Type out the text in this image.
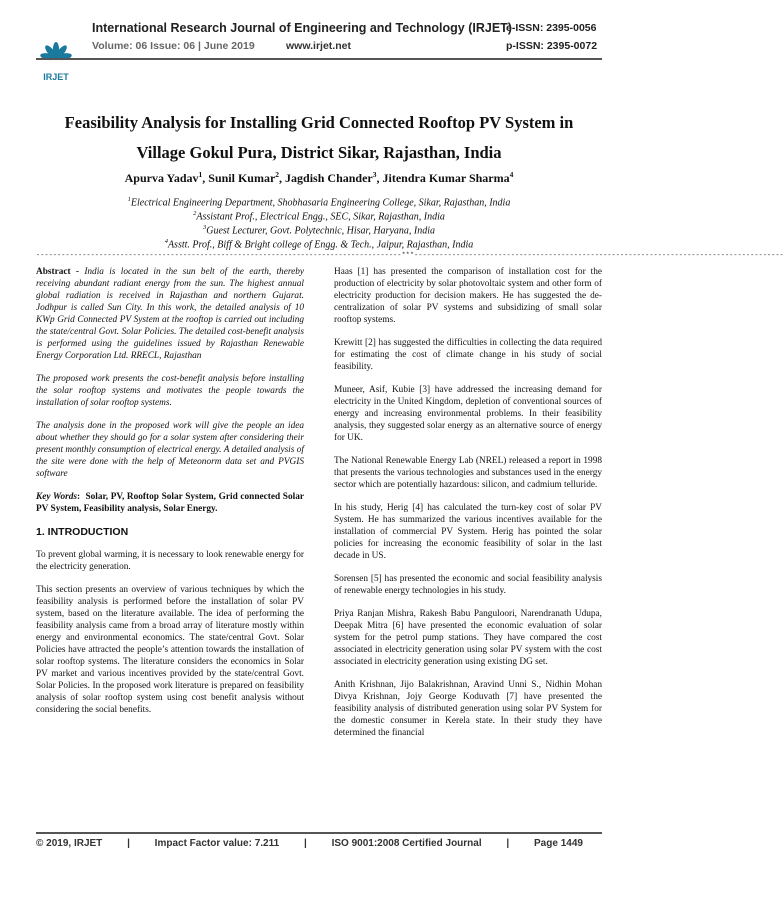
IRJET
International Research Journal of Engineering and Technology (IRJET)
Volume: 06 Issue: 06 | June 2019	www.irjet.net
e-ISSN: 2395-0056
p-ISSN: 2395-0072
Feasibility Analysis for Installing Grid Connected Rooftop PV System in
Village Gokul Pura, District Sikar, Rajasthan, India
Apurva Yadav$^1$, Sunil Kumar$^2$, Jagdish Chander$^3$, Jitendra Kumar Sharma$^4$
$^1$Electrical Engineering Department, Shobhasaria Engineering College, Sikar, Rajasthan, India
$^2$Assistant Prof., Electrical Engg., SEC, Sikar, Rajasthan, India
$^3$Guest Lecturer, Govt. Polytechnic, Hisar, Haryana, India
$^4$Asstt. Prof., Biff & Bright college of Engg. & Tech., Jaipur, Rajasthan, India
---------------------------------------------------------------------------------------***----------------------------------------------------------------------------------------

Abstract - India is located in the sun belt of the earth, thereby receiving abundant radiant energy from the sun. The highest annual global radiation is received in Rajasthan and northern Gujarat. Jodhpur is called Sun City. In this work, the detailed analysis of 10 KWp Grid Connected PV System at the rooftop is carried out including the state/central Govt. Solar Policies. The detailed cost-benefit analysis is performed using the guidelines issued by Rajasthan Renewable Energy Corporation Ltd. RRECL, Rajasthan

The proposed work presents the cost-benefit analysis before installing the solar rooftop systems and motivates the people towards the installation of solar rooftop systems.

The analysis done in the proposed work will give the people an idea about whether they should go for a solar system after considering their present monthly consumption of electrical energy. A detailed analysis of the site were done with the help of Meteonorm data set and PVGIS software

Key Words:  Solar, PV, Rooftop Solar System, Grid connected Solar PV System, Feasibility analysis, Solar Energy.

1. INTRODUCTION

To prevent global warming, it is necessary to look renewable energy for the electricity generation.

This section presents an overview of various techniques by which the feasibility analysis is performed before the installation of solar PV system, based on the literature available. The idea of performing the feasibility analysis came from a broad array of literature mostly within energy and environmental economics. The state/central Govt. Solar Policies have attracted the people’s attention towards the installation of solar rooftop systems. The literature considers the economics in Solar PV market and various incentives provided by the state/central Govt. Solar Policies. In the proposed work literature is prepared on feasibility analysis of solar rooftop system using cost benefit analysis without considering the social benefits.

Haas [1] has presented the comparison of installation cost for the production of electricity by solar photovoltaic system and other form of electricity production for decision makers. He has suggested the de-centralization of solar PV systems and subsidizing of small solar rooftop systems.

Krewitt [2] has suggested the difficulties in collecting the data required for estimating the cost of climate change in his study of social feasibility.

Muneer, Asif, Kubie [3] have addressed the increasing demand for electricity in the United Kingdom, depletion of conventional sources of energy and increasing environmental problems. In their feasibility analysis, they suggested solar energy as an alternative source of energy for UK.

The National Renewable Energy Lab (NREL) released a report in 1998 that presents the various technologies and substances used in the energy sector which are potentially hazardous: silicon, and cadmium telluride.

In his study, Herig [4] has calculated the turn-key cost of solar PV System. He has summarized the various incentives available for the installation of commercial PV System. Herig has pointed the solar policies for increasing the economic feasibility of solar in the last decade in US.

Sorensen [5] has presented the economic and social feasibility analysis of renewable energy technologies in his study.

Priya Ranjan Mishra, Rakesh Babu Panguloori, Narendranath Udupa, Deepak Mitra [6] have presented the economic evaluation of solar system for the petrol pump stations. They have compared the cost associated in electricity generation using solar PV system with the cost associated in electricity generation using existing DG set.

Anith Krishnan, Jijo Balakrishnan, Aravind Unni S., Nidhin Mohan Divya Krishnan, Jojy George Koduvath [7] have presented the feasibility analysis of distributed generation using solar PV System for the domestic consumer in Kerela state. In their study they have determined the financial

© 2019, IRJET | Impact Factor value: 7.211 | ISO 9001:2008 Certified Journal | Page 1449
